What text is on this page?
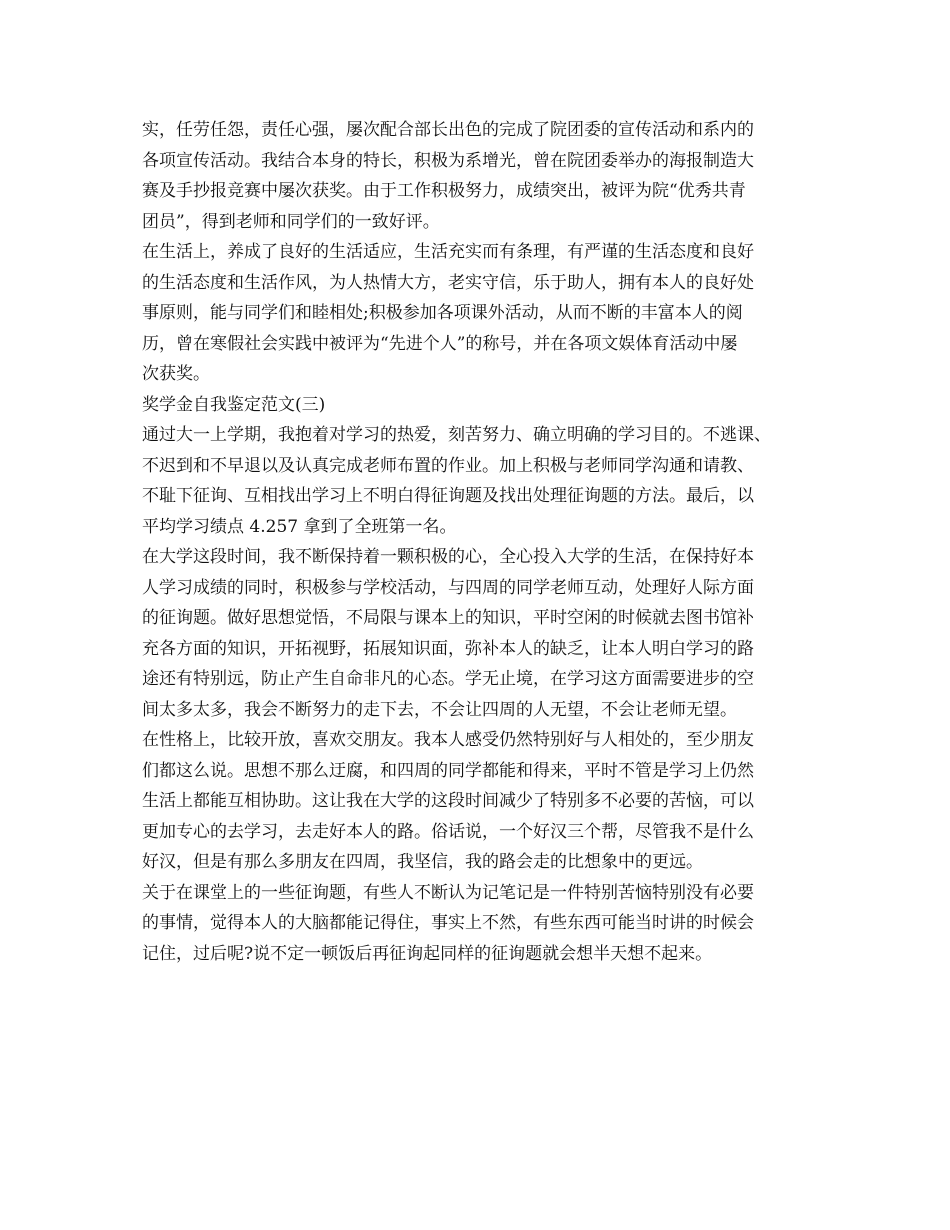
实，任劳任怨，责任心强，屡次配合部长出色的完成了院团委的宣传活动和系内的
各项宣传活动。我结合本身的特长，积极为系增光，曾在院团委举办的海报制造大
赛及手抄报竞赛中屡次获奖。由于工作积极努力，成绩突出，被评为院“优秀共青
团员”，得到老师和同学们的一致好评。
在生活上，养成了良好的生活适应，生活充实而有条理，有严谨的生活态度和良好
的生活态度和生活作风，为人热情大方，老实守信，乐于助人，拥有本人的良好处
事原则，能与同学们和睦相处;积极参加各项课外活动，从而不断的丰富本人的阅
历，曾在寒假社会实践中被评为“先进个人”的称号，并在各项文娱体育活动中屡
次获奖。
奖学金自我鉴定范文(三)
通过大一上学期，我抱着对学习的热爱，刻苦努力、确立明确的学习目的。不逃课、
不迟到和不早退以及认真完成老师布置的作业。加上积极与老师同学沟通和请教、
不耻下征询、互相找出学习上不明白得征询题及找出处理征询题的方法。最后，以
平均学习绩点 4.257 拿到了全班第一名。
在大学这段时间，我不断保持着一颗积极的心，全心投入大学的生活，在保持好本
人学习成绩的同时，积极参与学校活动，与四周的同学老师互动，处理好人际方面
的征询题。做好思想觉悟，不局限与课本上的知识，平时空闲的时候就去图书馆补
充各方面的知识，开拓视野，拓展知识面，弥补本人的缺乏，让本人明白学习的路
途还有特别远，防止产生自命非凡的心态。学无止境，在学习这方面需要进步的空
间太多太多，我会不断努力的走下去，不会让四周的人无望，不会让老师无望。
在性格上，比较开放，喜欢交朋友。我本人感受仍然特别好与人相处的，至少朋友
们都这么说。思想不那么迂腐，和四周的同学都能和得来，平时不管是学习上仍然
生活上都能互相协助。这让我在大学的这段时间减少了特别多不必要的苦恼，可以
更加专心的去学习，去走好本人的路。俗话说，一个好汉三个帮，尽管我不是什么
好汉，但是有那么多朋友在四周，我坚信，我的路会走的比想象中的更远。
关于在课堂上的一些征询题，有些人不断认为记笔记是一件特别苦恼特别没有必要
的事情，觉得本人的大脑都能记得住，事实上不然，有些东西可能当时讲的时候会
记住，过后呢?说不定一顿饭后再征询起同样的征询题就会想半天想不起来。
